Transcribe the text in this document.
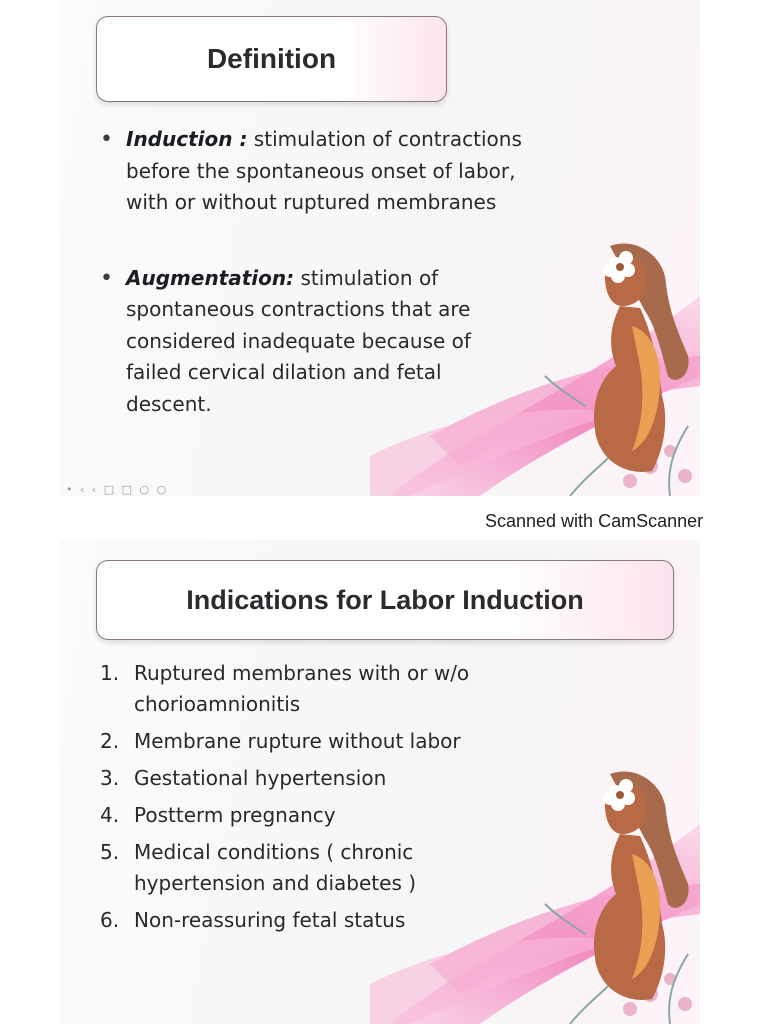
Definition
• Induction : stimulation of contractions before the spontaneous onset of labor, with or without ruptured membranes
• Augmentation: stimulation of spontaneous contractions that are considered inadequate because of failed cervical dilation and fetal descent.
• ‹ ‹ □ □ ○ ○
Scanned with CamScanner
Indications for Labor Induction
1. Ruptured membranes with or w/o chorioamnionitis
2. Membrane rupture without labor
3. Gestational hypertension
4. Postterm pregnancy
5. Medical conditions ( chronic hypertension and diabetes )
6. Non-reassuring fetal status
